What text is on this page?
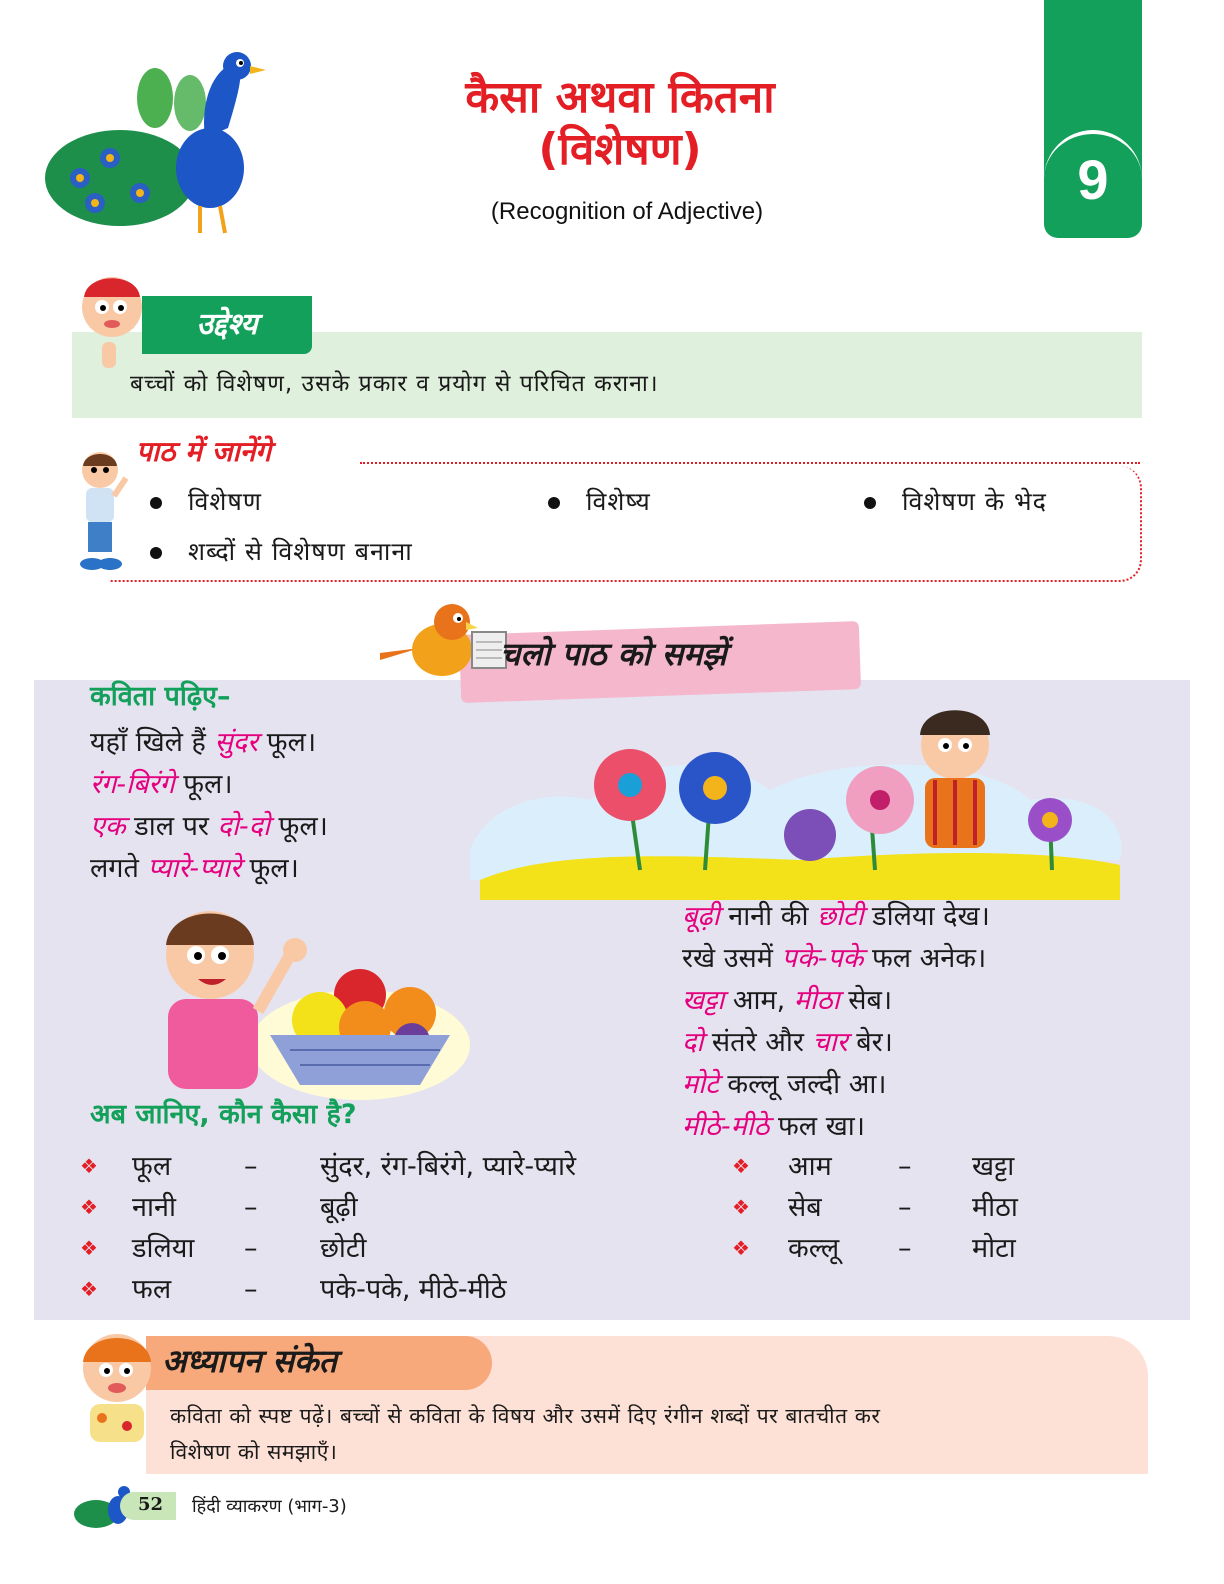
कैसा अथवा कितना
(विशेषण)
(Recognition of Adjective)
9
उद्देश्य
बच्चों को विशेषण, उसके प्रकार व प्रयोग से परिचित कराना।
पाठ में जानेंगे
विशेषण	विशेष्य	विशेषण के भेद
शब्दों से विशेषण बनाना
चलो पाठ को समझें
कविता पढ़िए–
यहाँ खिले हैं सुंदर फूल।
रंग-बिरंगे फूल।
एक डाल पर दो-दो फूल।
लगते प्यारे-प्यारे फूल।
बूढ़ी नानी की छोटी डलिया देख।
रखे उसमें पके-पके फल अनेक।
खट्टा आम, मीठा सेब।
दो संतरे और चार बेर।
मोटे कल्लू जल्दी आ।
मीठे-मीठे फल खा।
अब जानिए, कौन कैसा है?
❖ फूल	– सुंदर, रंग-बिरंगे, प्यारे-प्यारे
❖ नानी	– बूढ़ी
❖ डलिया – छोटी
❖ फल	– पके-पके, मीठे-मीठे
❖ आम – खट्टा
❖ सेब	– मीठा
❖ कल्लू – मोटा
अध्यापन संकेत
कविता को स्पष्ट पढ़ें। बच्चों से कविता के विषय और उसमें दिए रंगीन शब्दों पर बातचीत कर
विशेषण को समझाएँ।
52 हिंदी व्याकरण (भाग-3)
